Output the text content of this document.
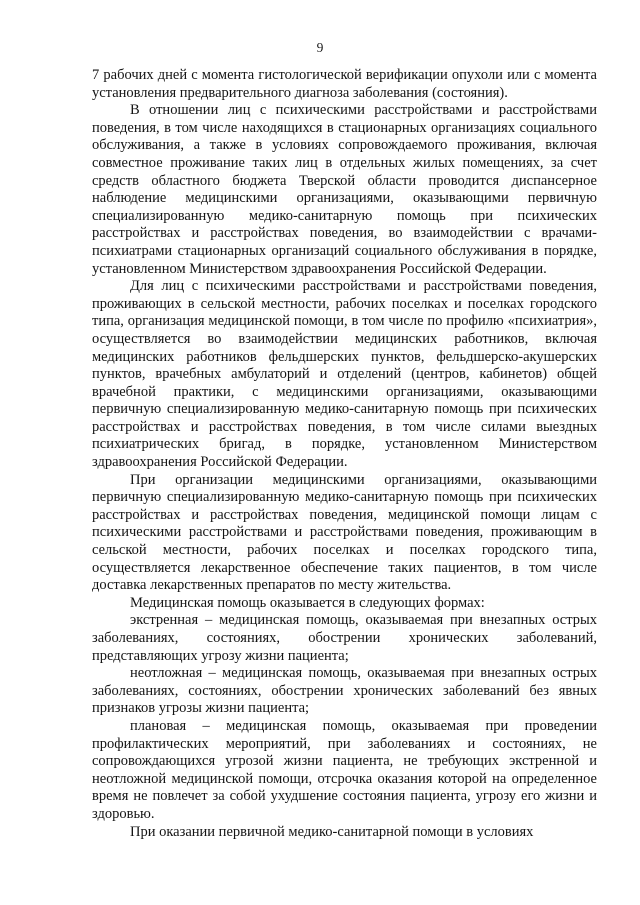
9

7 рабочих дней с момента гистологической верификации опухоли или с момента установления предварительного диагноза заболевания (состояния).

В отношении лиц с психическими расстройствами и расстройствами поведения, в том числе находящихся в стационарных организациях социального обслуживания, а также в условиях сопровождаемого проживания, включая совместное проживание таких лиц в отдельных жилых помещениях, за счет средств областного бюджета Тверской области проводится диспансерное наблюдение медицинскими организациями, оказывающими первичную специализированную медико-санитарную помощь при психических расстройствах и расстройствах поведения, во взаимодействии с врачами-психиатрами стационарных организаций социального обслуживания в порядке, установленном Министерством здравоохранения Российской Федерации.

Для лиц с психическими расстройствами и расстройствами поведения, проживающих в сельской местности, рабочих поселках и поселках городского типа, организация медицинской помощи, в том числе по профилю «психиатрия», осуществляется во взаимодействии медицинских работников, включая медицинских работников фельдшерских пунктов, фельдшерско-акушерских пунктов, врачебных амбулаторий и отделений (центров, кабинетов) общей врачебной практики, с медицинскими организациями, оказывающими первичную специализированную медико-санитарную помощь при психических расстройствах и расстройствах поведения, в том числе силами выездных психиатрических бригад, в порядке, установленном Министерством здравоохранения Российской Федерации.

При организации медицинскими организациями, оказывающими первичную специализированную медико-санитарную помощь при психических расстройствах и расстройствах поведения, медицинской помощи лицам с психическими расстройствами и расстройствами поведения, проживающим в сельской местности, рабочих поселках и поселках городского типа, осуществляется лекарственное обеспечение таких пациентов, в том числе доставка лекарственных препаратов по месту жительства.

Медицинская помощь оказывается в следующих формах:

экстренная – медицинская помощь, оказываемая при внезапных острых заболеваниях, состояниях, обострении хронических заболеваний, представляющих угрозу жизни пациента;

неотложная – медицинская помощь, оказываемая при внезапных острых заболеваниях, состояниях, обострении хронических заболеваний без явных признаков угрозы жизни пациента;

плановая – медицинская помощь, оказываемая при проведении профилактических мероприятий, при заболеваниях и состояниях, не сопровождающихся угрозой жизни пациента, не требующих экстренной и неотложной медицинской помощи, отсрочка оказания которой на определенное время не повлечет за собой ухудшение состояния пациента, угрозу его жизни и здоровью.

При оказании первичной медико-санитарной помощи в условиях
